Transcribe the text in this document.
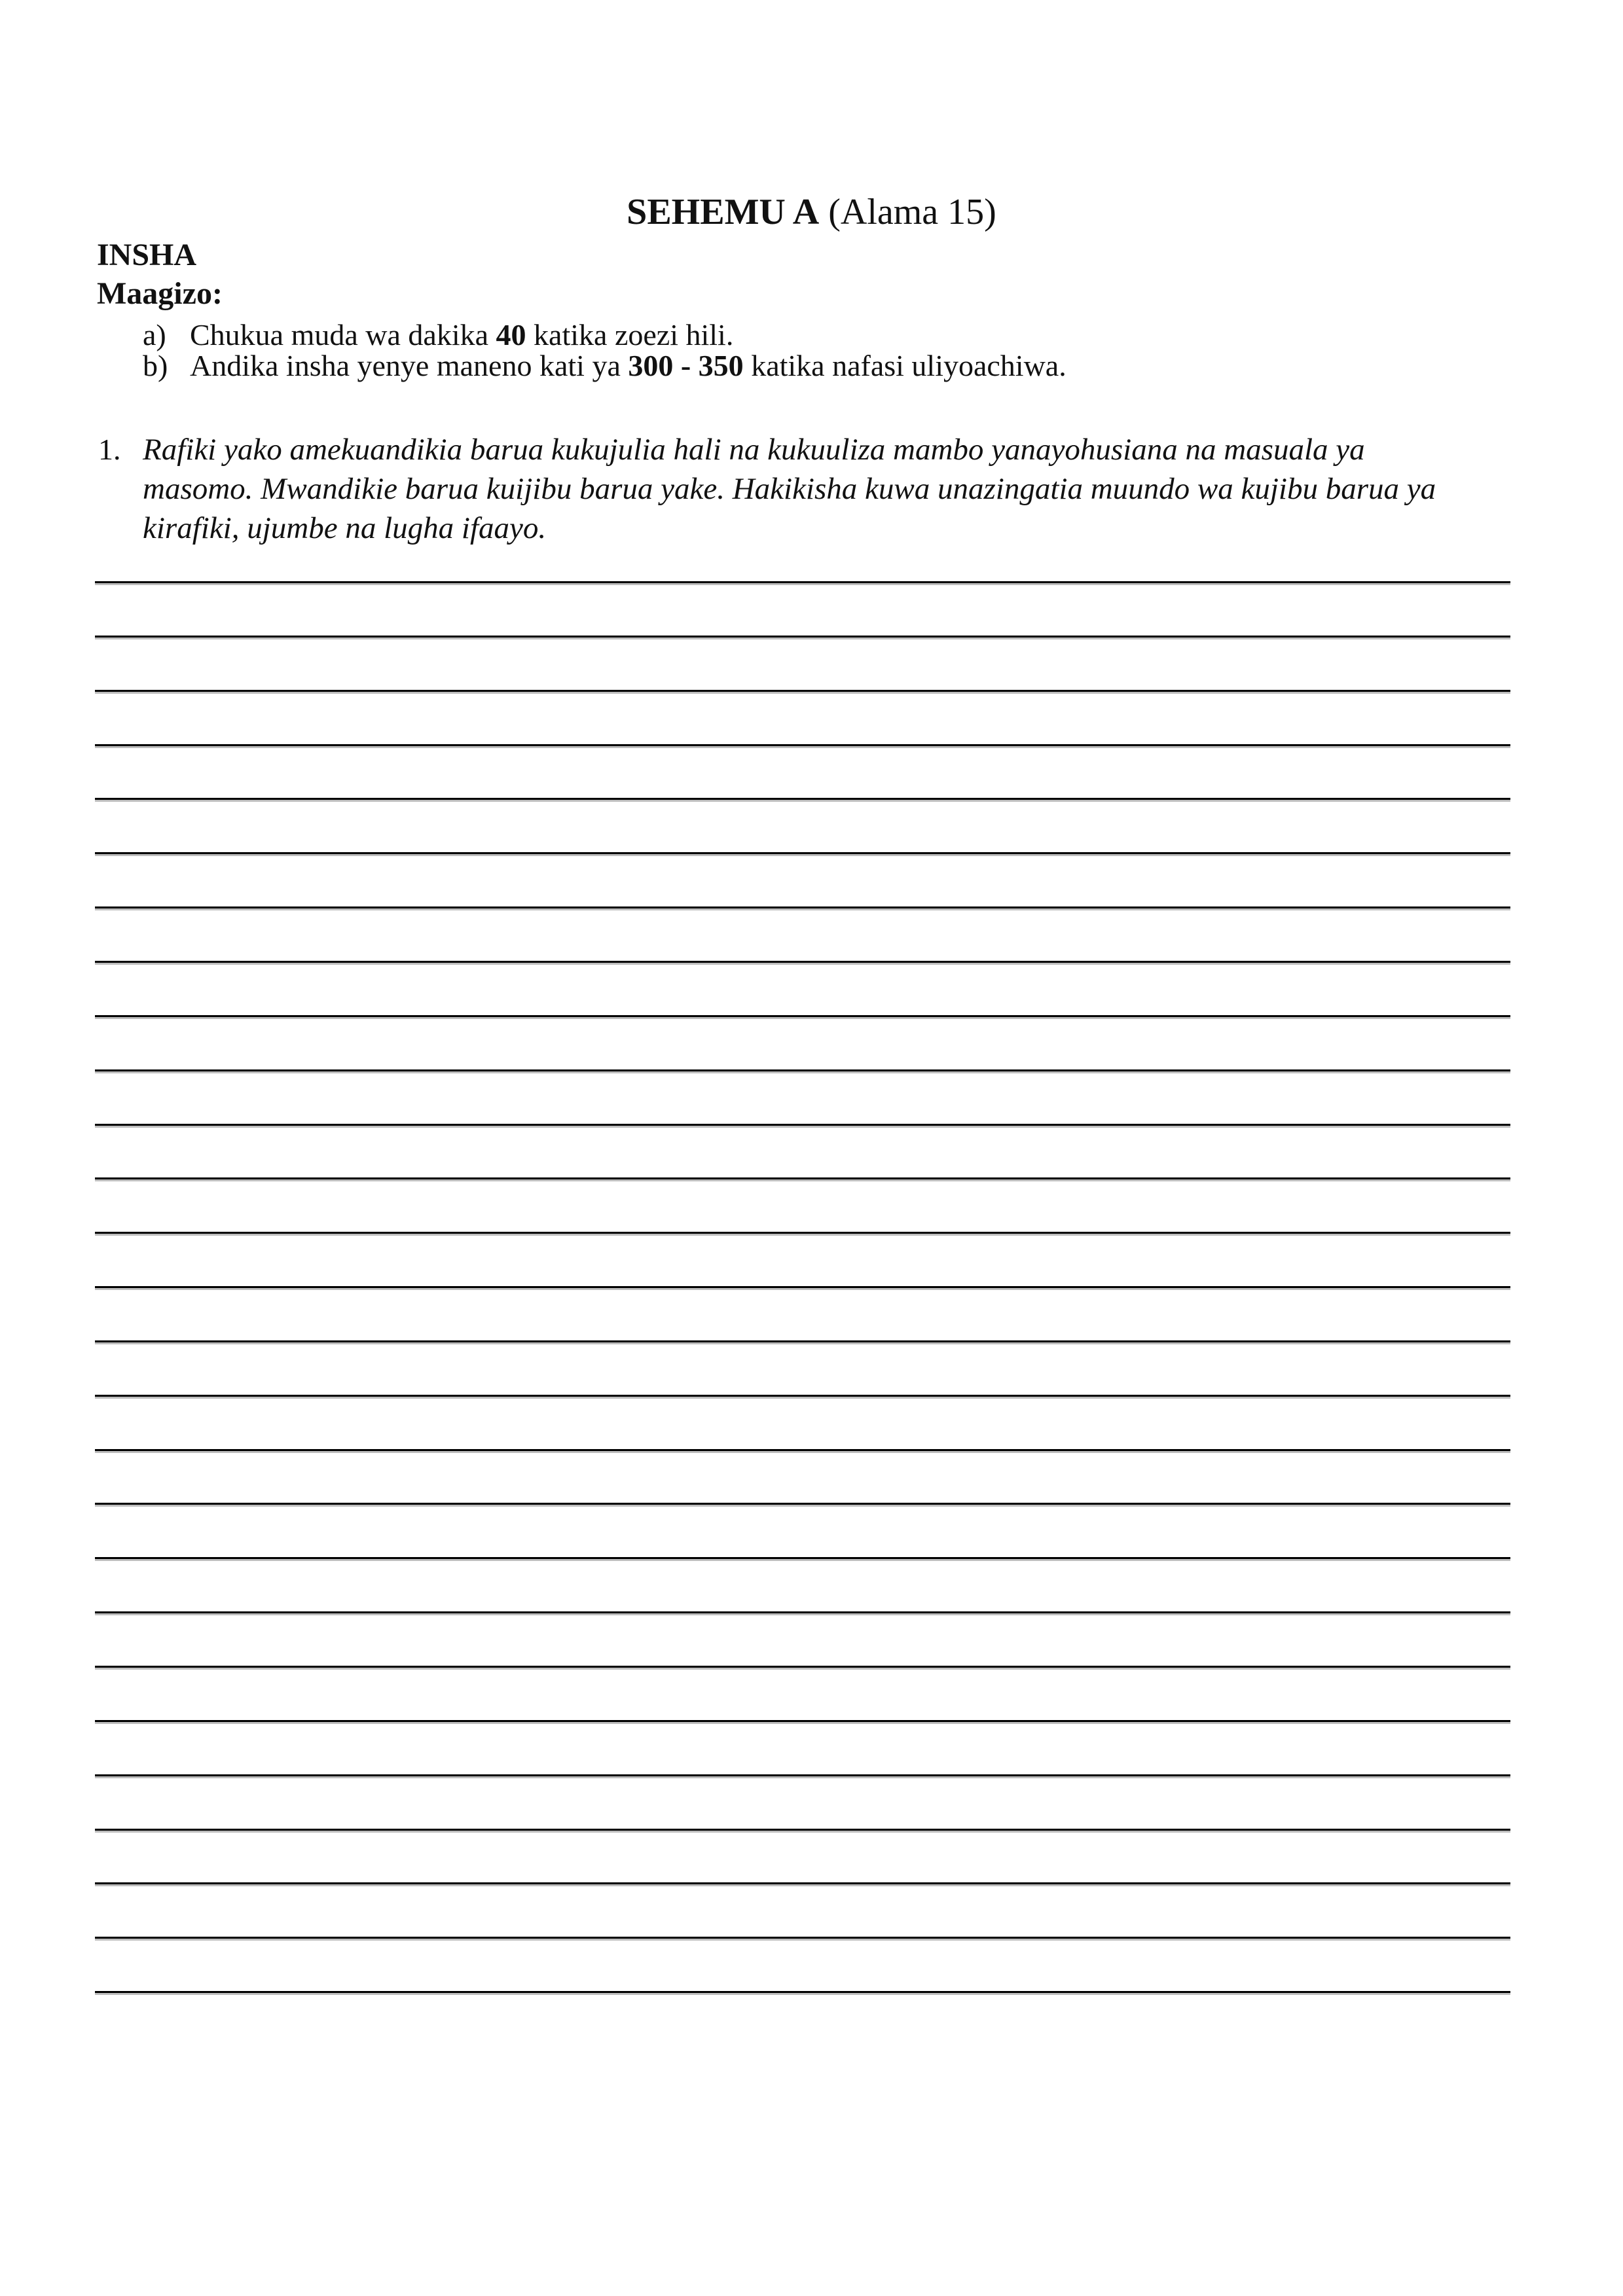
SEHEMU A (Alama 15)
INSHA
Maagizo:
a) Chukua muda wa dakika 40 katika zoezi hili.
b) Andika insha yenye maneno kati ya 300 - 350 katika nafasi uliyoachiwa.
1. Rafiki yako amekuandikia barua kukujulia hali na kukuuliza mambo yanayohusiana na masuala ya
masomo. Mwandikie barua kuijibu barua yake. Hakikisha kuwa unazingatia muundo wa kujibu barua ya
kirafiki, ujumbe na lugha ifaayo.
